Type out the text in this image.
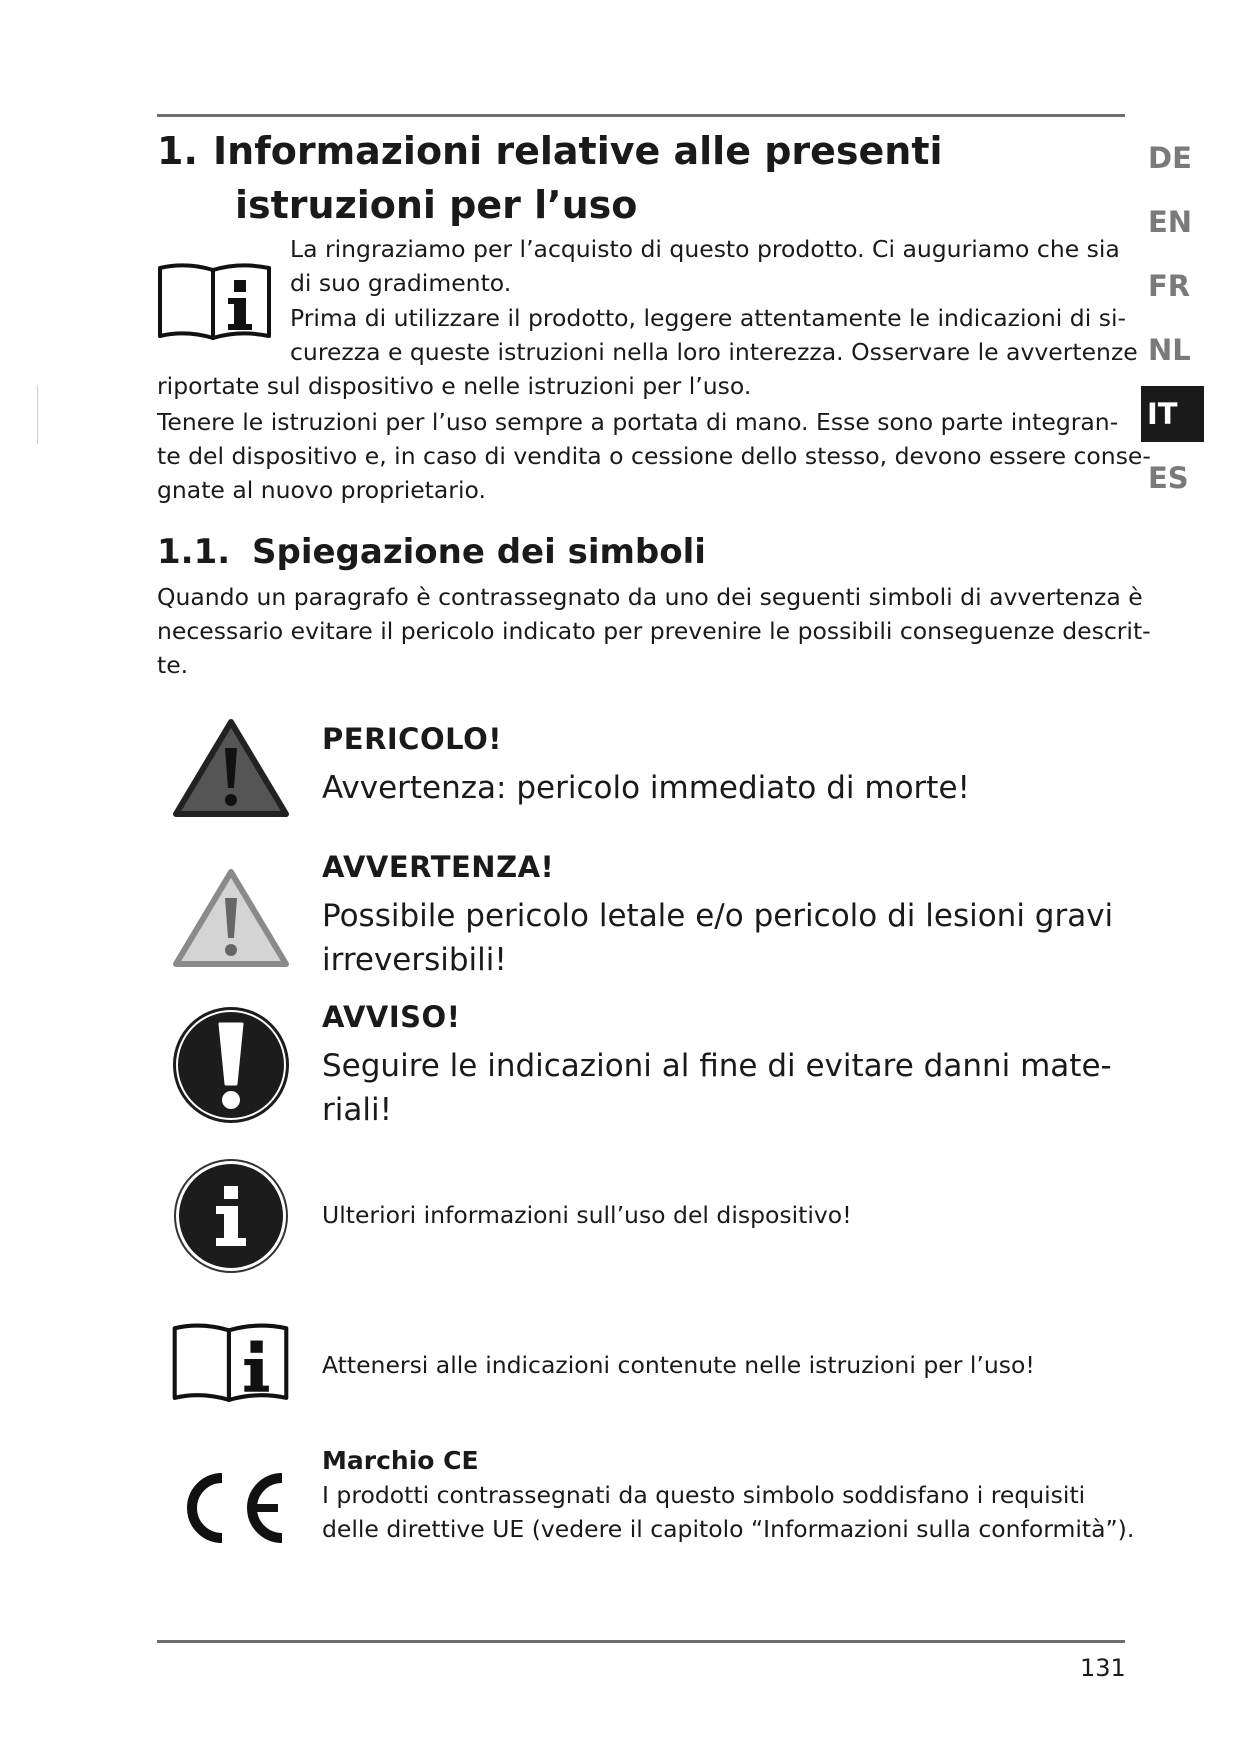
DE
EN
FR
NL
IT
ES
1. Informazioni relative alle presenti
istruzioni per l’uso
La ringraziamo per l’acquisto di questo prodotto. Ci auguriamo che sia
di suo gradimento.
Prima di utilizzare il prodotto, leggere attentamente le indicazioni di si-
curezza e queste istruzioni nella loro interezza. Osservare le avvertenze
riportate sul dispositivo e nelle istruzioni per l’uso.
Tenere le istruzioni per l’uso sempre a portata di mano. Esse sono parte integran-
te del dispositivo e, in caso di vendita o cessione dello stesso, devono essere conse-
gnate al nuovo proprietario.
1.1. Spiegazione dei simboli
Quando un paragrafo è contrassegnato da uno dei seguenti simboli di avvertenza è
necessario evitare il pericolo indicato per prevenire le possibili conseguenze descrit-
te.
PERICOLO!
Avvertenza: pericolo immediato di morte!
AVVERTENZA!
Possibile pericolo letale e/o pericolo di lesioni gravi
irreversibili!
AVVISO!
Seguire le indicazioni al fine di evitare danni mate-
riali!
Ulteriori informazioni sull’uso del dispositivo!
Attenersi alle indicazioni contenute nelle istruzioni per l’uso!
Marchio CE
I prodotti contrassegnati da questo simbolo soddisfano i requisiti
delle direttive UE (vedere il capitolo “Informazioni sulla conformità”).
131
